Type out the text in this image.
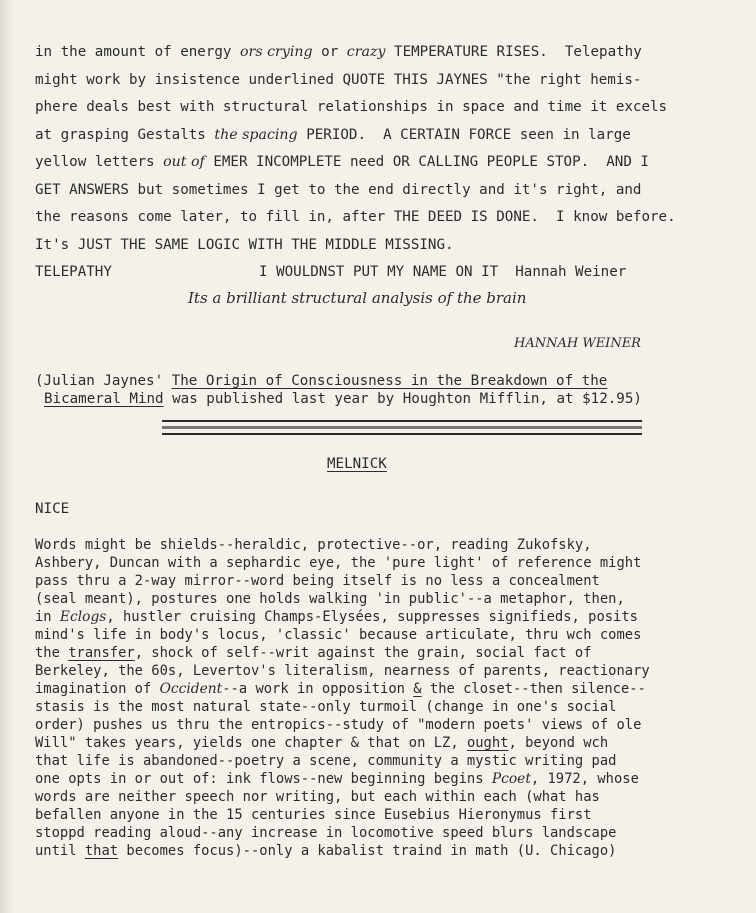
in the amount of energy ors crying or crazy TEMPERATURE RISES.  Telepathy
might work by insistence underlined QUOTE THIS JAYNES "the right hemis-
phere deals best with structural relationships in space and time it excels
at grasping Gestalts the spacing PERIOD.  A CERTAIN FORCE seen in large
yellow letters out of EMER INCOMPLETE need OR CALLING PEOPLE STOP.  AND I
GET ANSWERS but sometimes I get to the end directly and it's right, and
the reasons come later, to fill in, after THE DEED IS DONE.  I know before.
It's JUST THE SAME LOGIC WITH THE MIDDLE MISSING.
TELEPATHY	I WOULDNST PUT MY NAME ON IT  Hannah Weiner
Its a brilliant structural analysis of the brain
HANNAH WEINER
(Julian Jaynes' The Origin of Consciousness in the Breakdown of the
Bicameral Mind was published last year by Houghton Mifflin, at $12.95)
MELNICK
NICE
Words might be shields--heraldic, protective--or, reading Zukofsky,
Ashbery, Duncan with a sephardic eye, the 'pure light' of reference might
pass thru a 2-way mirror--word being itself is no less a concealment
(seal meant), postures one holds walking 'in public'--a metaphor, then,
in Eclogs, hustler cruising Champs-Elysées, suppresses signifieds, posits
mind's life in body's locus, 'classic' because articulate, thru wch comes
the transfer, shock of self--writ against the grain, social fact of
Berkeley, the 60s, Levertov's literalism, nearness of parents, reactionary
imagination of Occident--a work in opposition & the closet--then silence--
stasis is the most natural state--only turmoil (change in one's social
order) pushes us thru the entropics--study of "modern poets' views of ole
Will" takes years, yields one chapter & that on LZ, ought, beyond wch
that life is abandoned--poetry a scene, community a mystic writing pad
one opts in or out of: ink flows--new beginning begins Pcoet, 1972, whose
words are neither speech nor writing, but each within each (what has
befallen anyone in the 15 centuries since Eusebius Hieronymus first
stoppd reading aloud--any increase in locomotive speed blurs landscape
until that becomes focus)--only a kabalist traind in math (U. Chicago)
